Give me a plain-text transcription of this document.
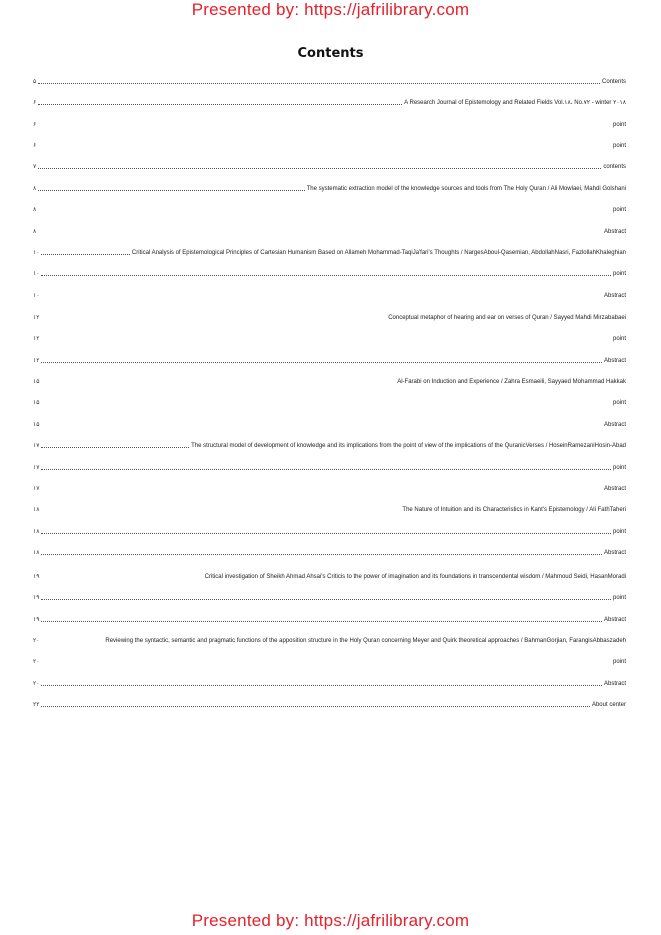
Presented by: https://jafrilibrary.com
Contents
۵	Contents
۶	A Research Journal of Epistemology and Related Fields Vol.۱۸، No.۷۲ - winter ۲۰۱۸
۶	point
۶	point
۷	contents
۸	The systematic extraction model of the knowledge sources and tools from The Holy Quran / Ali Mowlaei, Mahdi Golshani
۸	point
۸	Abstract
۱۰	Critical Analysis of Epistemological Principles of Cartesian Humanism Based on Allameh Mohammad-TaqiJa'fari's Thoughts / NargesAboul-Qasemian, AbdollahNasri, FazlollahKhaleghian
۱۰	point
۱۰	Abstract
۱۲	Conceptual metaphor of hearing and ear on verses of Quran / Sayyed Mahdi Mirzababaei
۱۲	point
۱۲	Abstract
۱۵	Al-Farabi on Induction and Experience / Zahra Esmaeili, Sayyaed Mohammad Hakkak
۱۵	point
۱۵	Abstract
۱۷	The structural model of development of knowledge and its implications from the point of view of the implications of the QuranicVerses / HoseinRamezaniHosin-Abad
۱۷	point
۱۷	Abstract
۱۸	The Nature of Intuition and its Characteristics in Kant's Epistemology / Ali FathTaheri
۱۸	point
۱۸	Abstract
۱۹	Critical investigation of Sheikh Ahmad Ahsai's Criticis to the power of imagination and its foundations in transcendental wisdom / Mahmoud Seidi, HasanMoradi
۱۹	point
۱۹	Abstract
۲۰	Reviewing the syntactic, semantic and pragmatic functions of the apposition structure in the Holy Quran concerning Meyer and Quirk theoretical approaches / BahmanGorjian, FarangisAbbaszadeh
۲۰	point
۲۰	Abstract
۲۲	About center
Presented by: https://jafrilibrary.com
